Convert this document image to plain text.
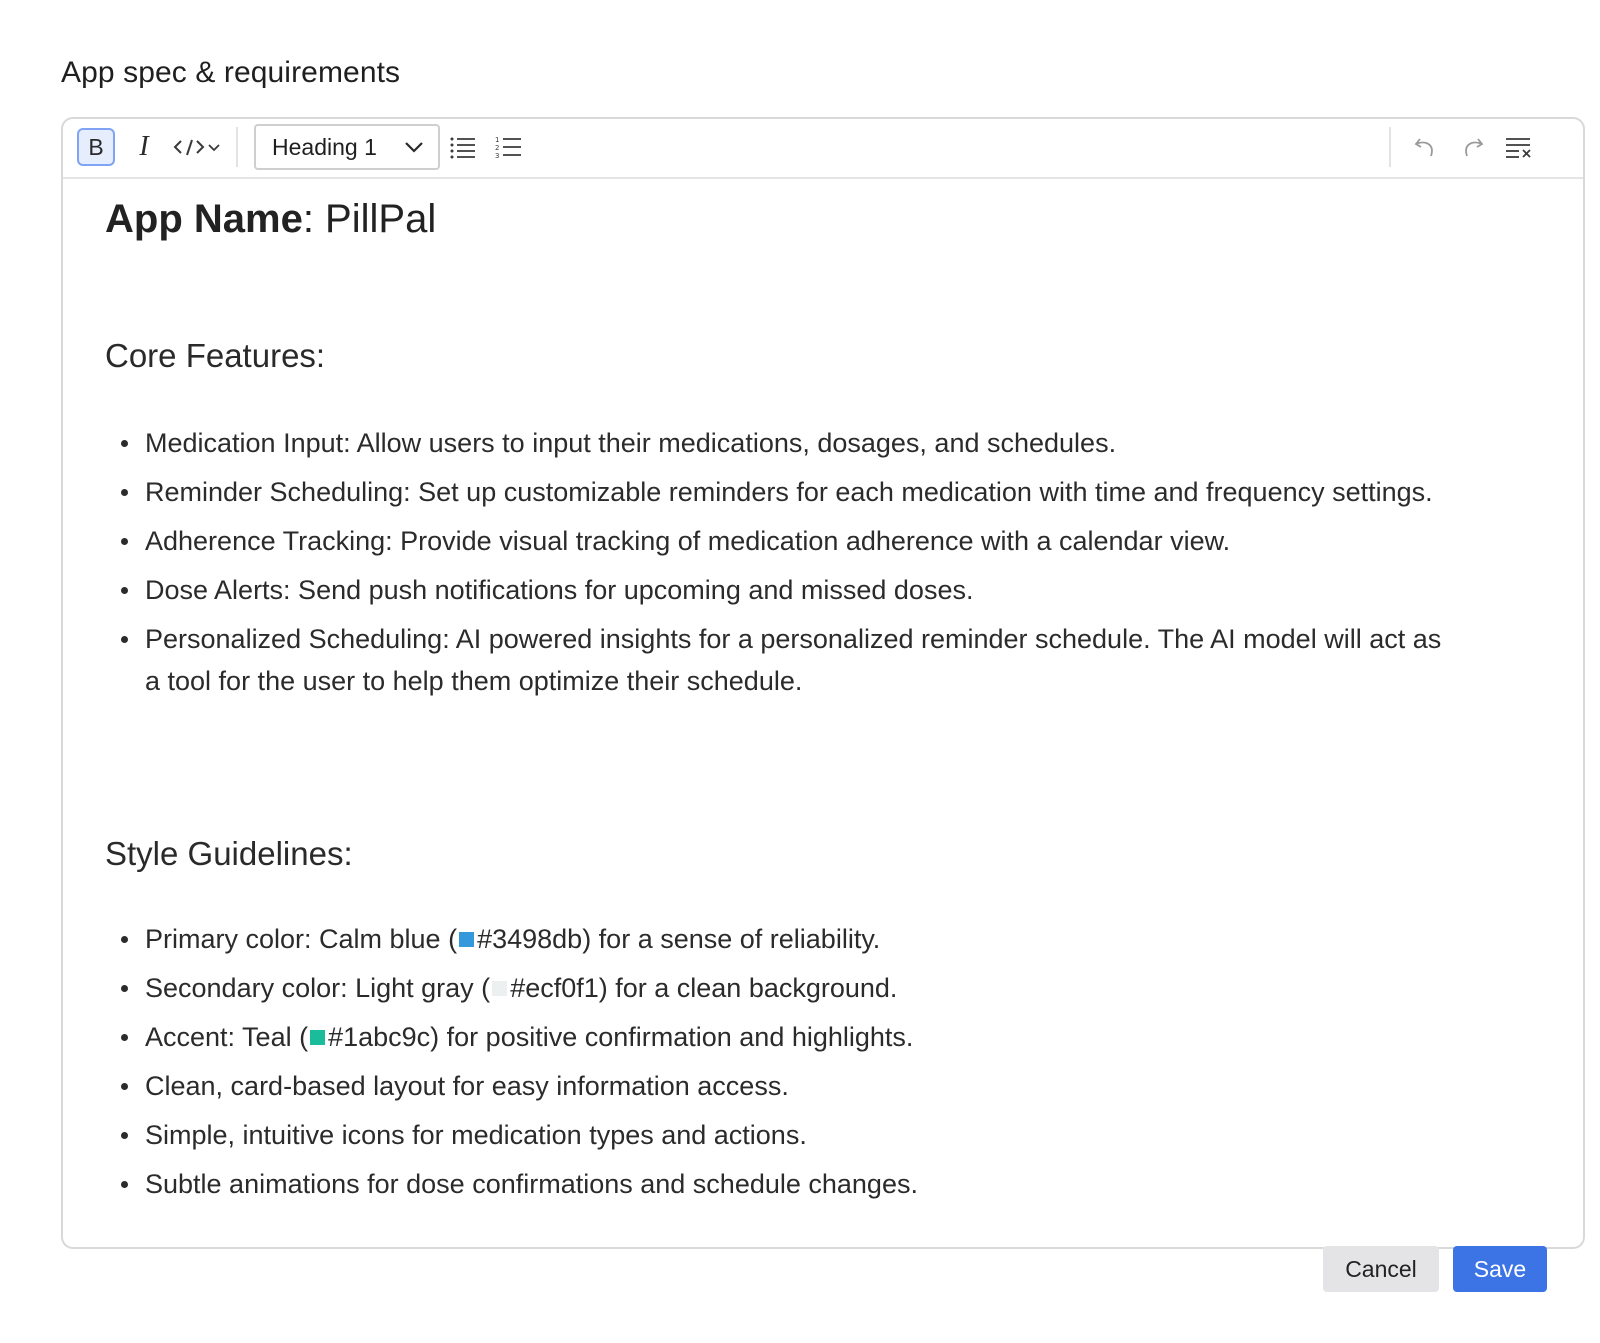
App spec & requirements
B	I	Heading 1	1
2
3
App Name: PillPal
Core Features:
Medication Input: Allow users to input their medications, dosages, and schedules.
Reminder Scheduling: Set up customizable reminders for each medication with time and frequency settings.
Adherence Tracking: Provide visual tracking of medication adherence with a calendar view.
Dose Alerts: Send push notifications for upcoming and missed doses.
Personalized Scheduling: AI powered insights for a personalized reminder schedule. The AI model will act as a tool for the user to help them optimize their schedule.
Style Guidelines:
Primary color: Calm blue ( #3498db) for a sense of reliability.
Secondary color: Light gray ( #ecf0f1) for a clean background.
Accent: Teal ( #1abc9c) for positive confirmation and highlights.
Clean, card-based layout for easy information access.
Simple, intuitive icons for medication types and actions.
Subtle animations for dose confirmations and schedule changes.
Cancel	Save
